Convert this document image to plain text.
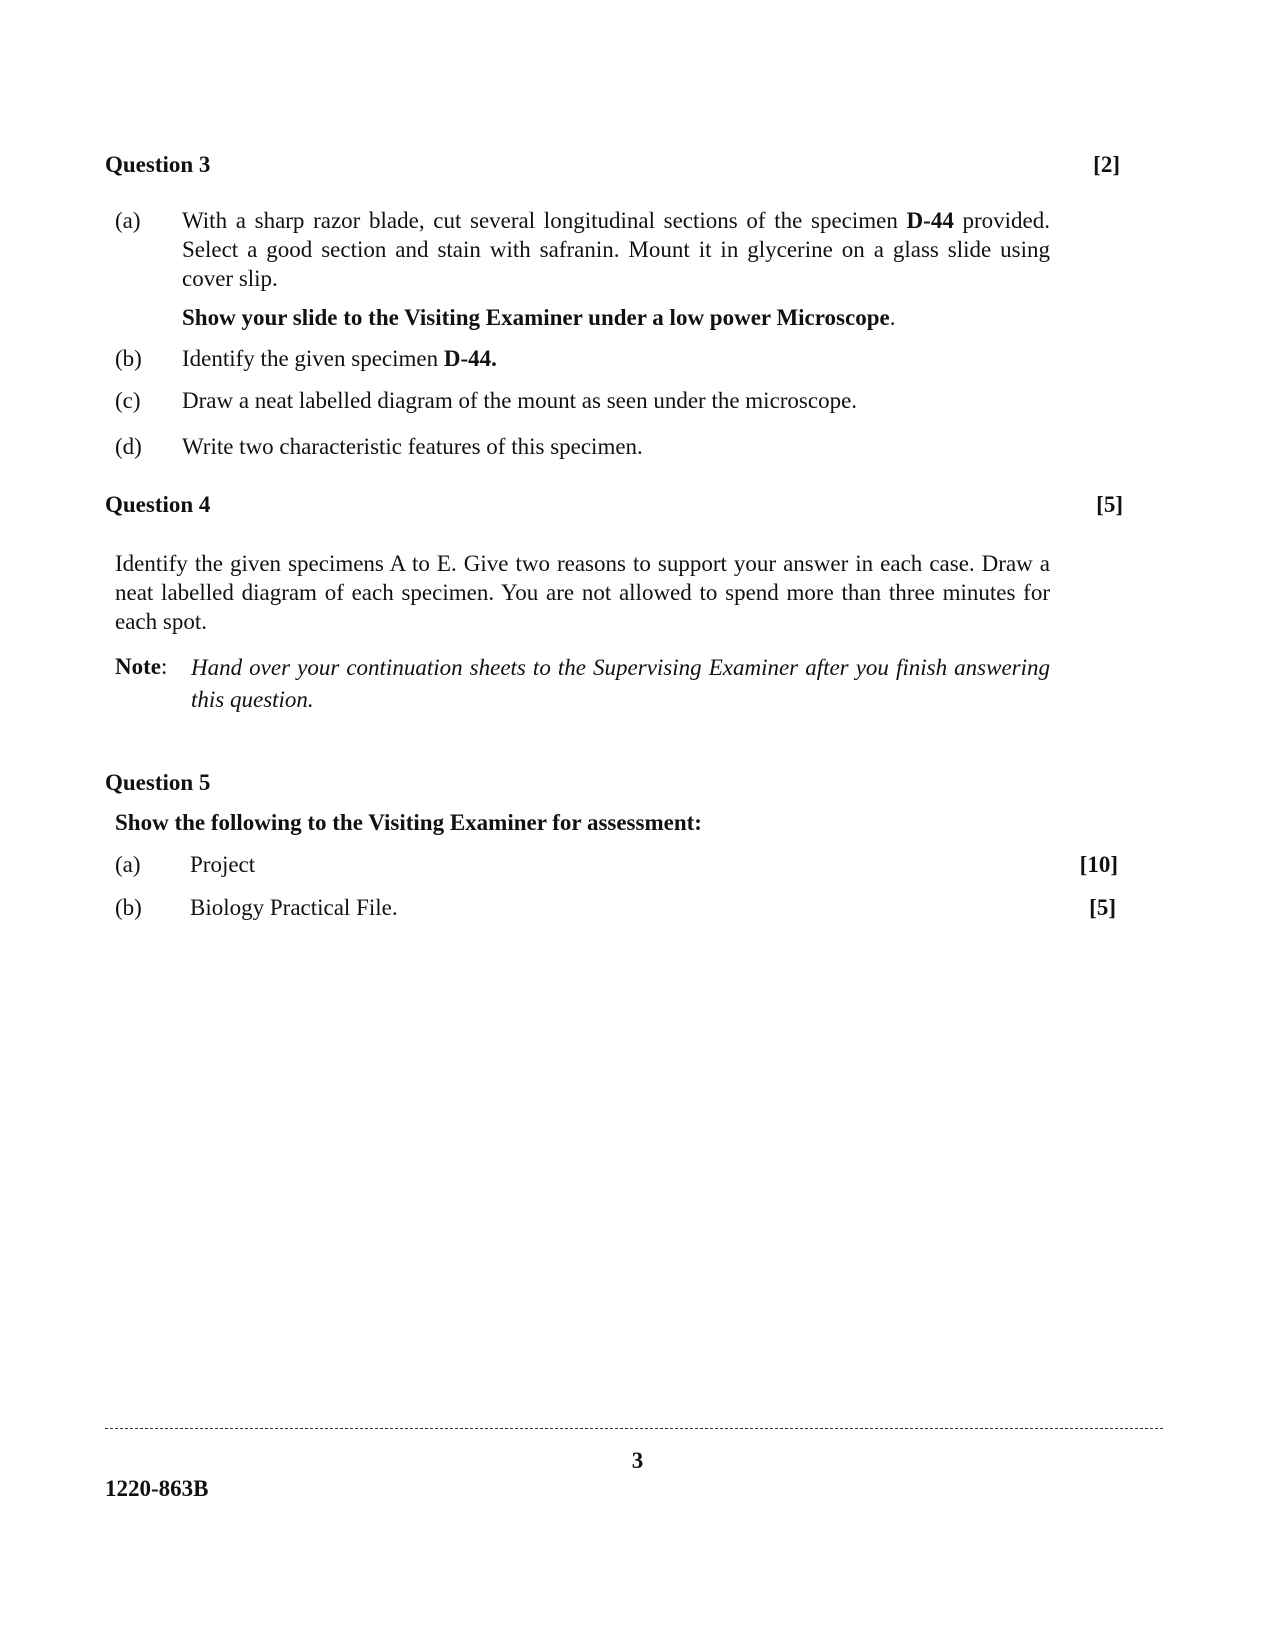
Question 3	[2]
(a)	With a sharp razor blade, cut several longitudinal sections of the specimen D-44 provided. Select a good section and stain with safranin. Mount it in glycerine on a glass slide using cover slip.
Show your slide to the Visiting Examiner under a low power Microscope.
(b)	Identify the given specimen D-44.
(c)	Draw a neat labelled diagram of the mount as seen under the microscope.
(d)	Write two characteristic features of this specimen.
Question 4	[5]
Identify the given specimens A to E. Give two reasons to support your answer in each case. Draw a neat labelled diagram of each specimen. You are not allowed to spend more than three minutes for each spot.
Note: Hand over your continuation sheets to the Supervising Examiner after you finish answering this question.
Question 5
Show the following to the Visiting Examiner for assessment:
(a)	Project	[10]
(b)	Biology Practical File.	[5]
3
1220-863B
